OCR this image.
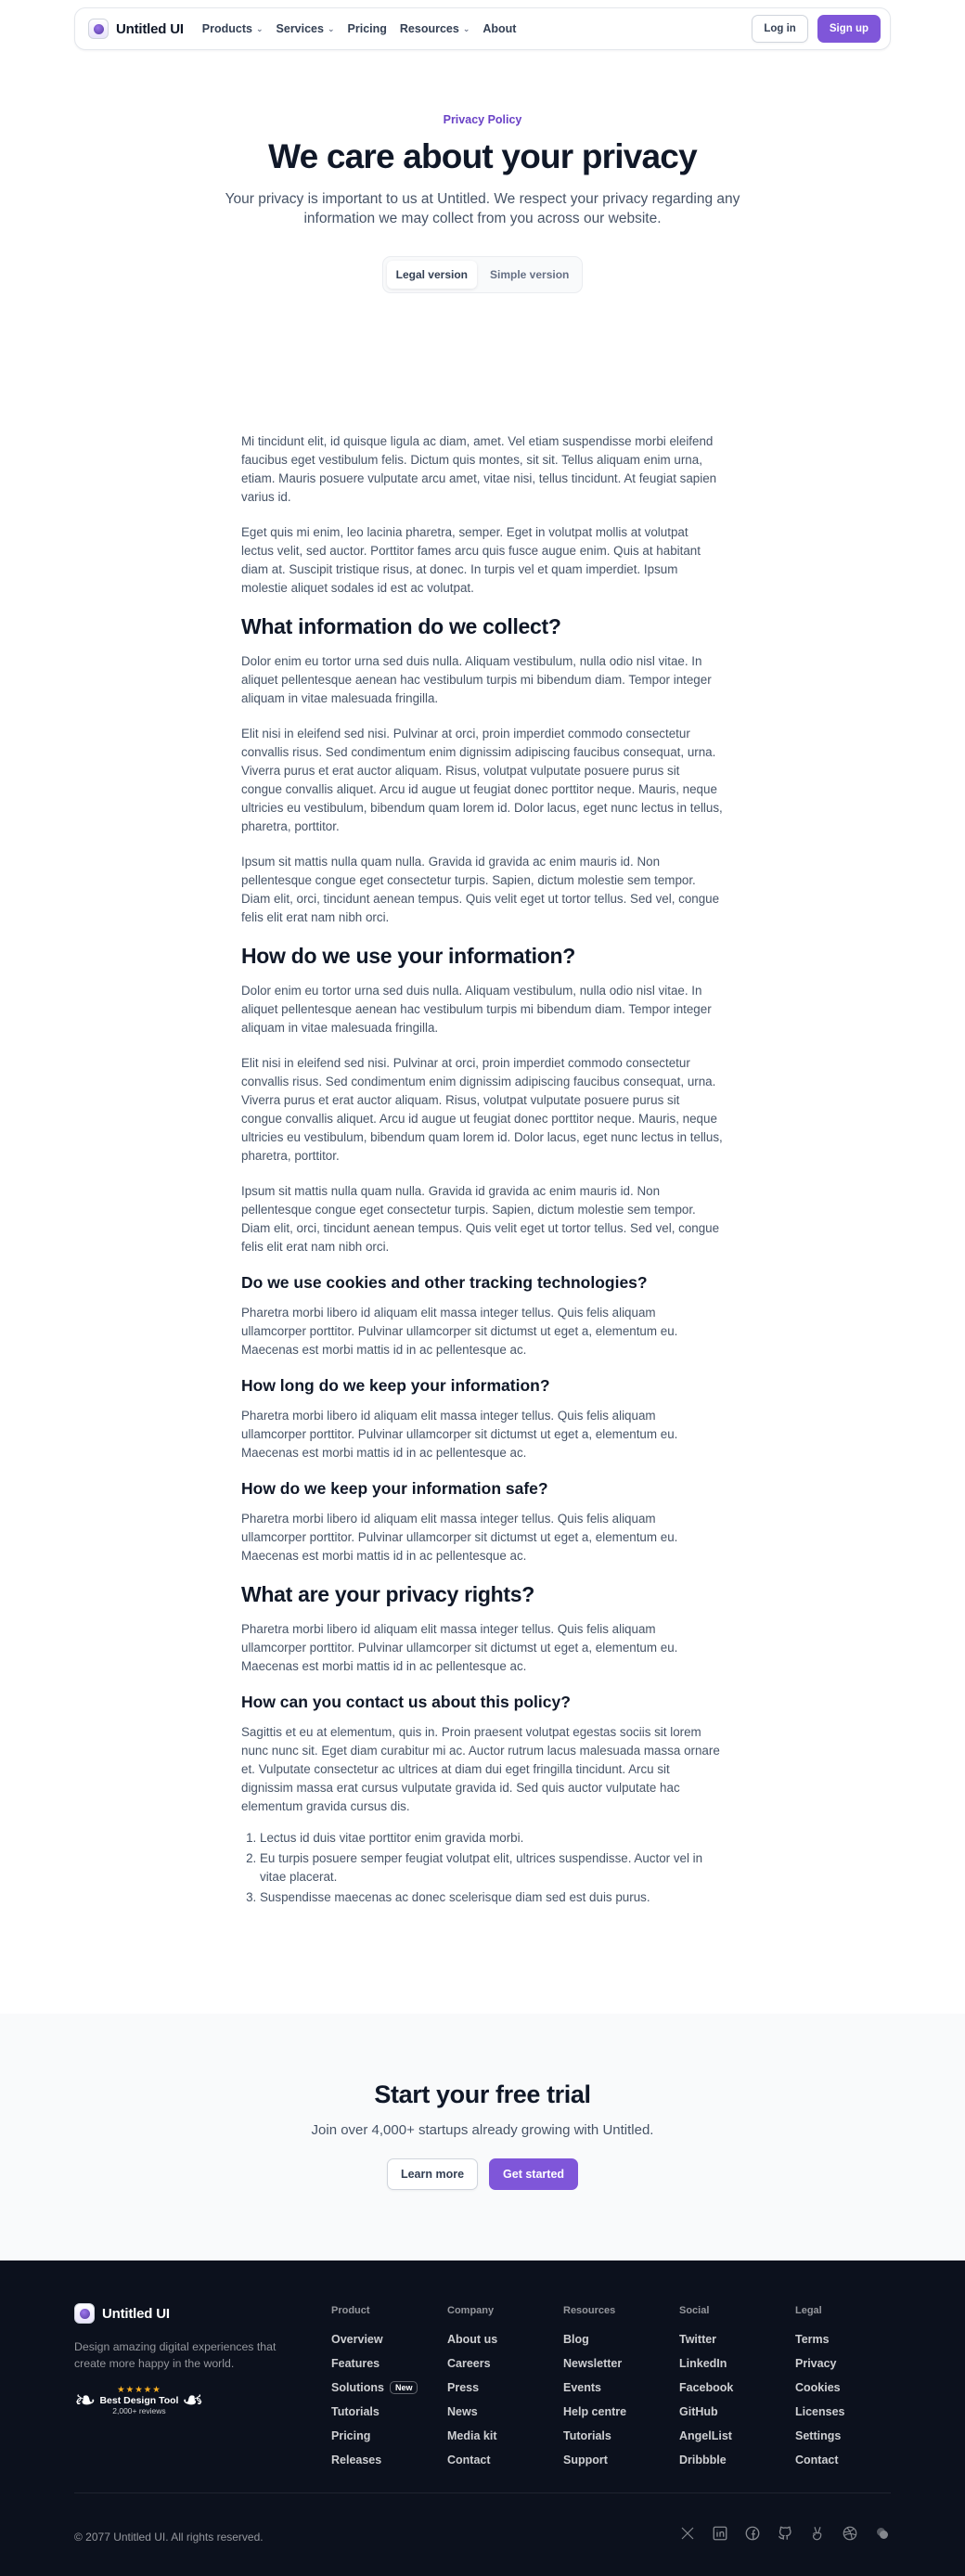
Untitled UI Products ⌄ Services ⌄ Pricing Resources ⌄ About	Log in	Sign up
Privacy Policy
We care about your privacy

Your privacy is important to us at Untitled. We respect your privacy regarding any information we may collect from you across our website.

Legal version	Simple version

Mi tincidunt elit, id quisque ligula ac diam, amet. Vel etiam suspendisse morbi eleifend faucibus eget vestibulum felis. Dictum quis montes, sit sit. Tellus aliquam enim urna, etiam. Mauris posuere vulputate arcu amet, vitae nisi, tellus tincidunt. At feugiat sapien varius id.

Eget quis mi enim, leo lacinia pharetra, semper. Eget in volutpat mollis at volutpat lectus velit, sed auctor. Porttitor fames arcu quis fusce augue enim. Quis at habitant diam at. Suscipit tristique risus, at donec. In turpis vel et quam imperdiet. Ipsum molestie aliquet sodales id est ac volutpat.

What information do we collect?

Dolor enim eu tortor urna sed duis nulla. Aliquam vestibulum, nulla odio nisl vitae. In aliquet pellentesque aenean hac vestibulum turpis mi bibendum diam. Tempor integer aliquam in vitae malesuada fringilla.

Elit nisi in eleifend sed nisi. Pulvinar at orci, proin imperdiet commodo consectetur convallis risus. Sed condimentum enim dignissim adipiscing faucibus consequat, urna. Viverra purus et erat auctor aliquam. Risus, volutpat vulputate posuere purus sit congue convallis aliquet. Arcu id augue ut feugiat donec porttitor neque. Mauris, neque ultricies eu vestibulum, bibendum quam lorem id. Dolor lacus, eget nunc lectus in tellus, pharetra, porttitor.

Ipsum sit mattis nulla quam nulla. Gravida id gravida ac enim mauris id. Non pellentesque congue eget consectetur turpis. Sapien, dictum molestie sem tempor. Diam elit, orci, tincidunt aenean tempus. Quis velit eget ut tortor tellus. Sed vel, congue felis elit erat nam nibh orci.

How do we use your information?

Dolor enim eu tortor urna sed duis nulla. Aliquam vestibulum, nulla odio nisl vitae. In aliquet pellentesque aenean hac vestibulum turpis mi bibendum diam. Tempor integer aliquam in vitae malesuada fringilla.

Elit nisi in eleifend sed nisi. Pulvinar at orci, proin imperdiet commodo consectetur convallis risus. Sed condimentum enim dignissim adipiscing faucibus consequat, urna. Viverra purus et erat auctor aliquam. Risus, volutpat vulputate posuere purus sit congue convallis aliquet. Arcu id augue ut feugiat donec porttitor neque. Mauris, neque ultricies eu vestibulum, bibendum quam lorem id. Dolor lacus, eget nunc lectus in tellus, pharetra, porttitor.

Ipsum sit mattis nulla quam nulla. Gravida id gravida ac enim mauris id. Non pellentesque congue eget consectetur turpis. Sapien, dictum molestie sem tempor. Diam elit, orci, tincidunt aenean tempus. Quis velit eget ut tortor tellus. Sed vel, congue felis elit erat nam nibh orci.

Do we use cookies and other tracking technologies?

Pharetra morbi libero id aliquam elit massa integer tellus. Quis felis aliquam ullamcorper porttitor. Pulvinar ullamcorper sit dictumst ut eget a, elementum eu. Maecenas est morbi mattis id in ac pellentesque ac.

How long do we keep your information?

Pharetra morbi libero id aliquam elit massa integer tellus. Quis felis aliquam ullamcorper porttitor. Pulvinar ullamcorper sit dictumst ut eget a, elementum eu. Maecenas est morbi mattis id in ac pellentesque ac.

How do we keep your information safe?

Pharetra morbi libero id aliquam elit massa integer tellus. Quis felis aliquam ullamcorper porttitor. Pulvinar ullamcorper sit dictumst ut eget a, elementum eu. Maecenas est morbi mattis id in ac pellentesque ac.

What are your privacy rights?

Pharetra morbi libero id aliquam elit massa integer tellus. Quis felis aliquam ullamcorper porttitor. Pulvinar ullamcorper sit dictumst ut eget a, elementum eu. Maecenas est morbi mattis id in ac pellentesque ac.

How can you contact us about this policy?

Sagittis et eu at elementum, quis in. Proin praesent volutpat egestas sociis sit lorem nunc nunc sit. Eget diam curabitur mi ac. Auctor rutrum lacus malesuada massa ornare et. Vulputate consectetur ac ultrices at diam dui eget fringilla tincidunt. Arcu sit dignissim massa erat cursus vulputate gravida id. Sed quis auctor vulputate hac elementum gravida cursus dis.

1. Lectus id duis vitae porttitor enim gravida morbi.
2. Eu turpis posuere semper feugiat volutpat elit, ultrices suspendisse. Auctor vel in vitae placerat.
3. Suspendisse maecenas ac donec scelerisque diam sed est duis purus.
Start your free trial

Join over 4,000+ startups already growing with Untitled.

Learn more	Get started
Untitled UI

Design amazing digital experiences that create more happy in the world.

❧	★★★★★
Best Design Tool
2,000+ reviews ❧
Product
Overview
Features
Solutions	New
Tutorials
Pricing
Releases
Company
About us
Careers
Press
News
Media kit
Contact
Resources
Blog
Newsletter
Events
Help centre
Tutorials
Support
Social
Twitter
LinkedIn
Facebook
GitHub
AngelList
Dribbble
Legal
Terms
Privacy
Cookies
Licenses
Settings
Contact
© 2077 Untitled UI. All rights reserved.
